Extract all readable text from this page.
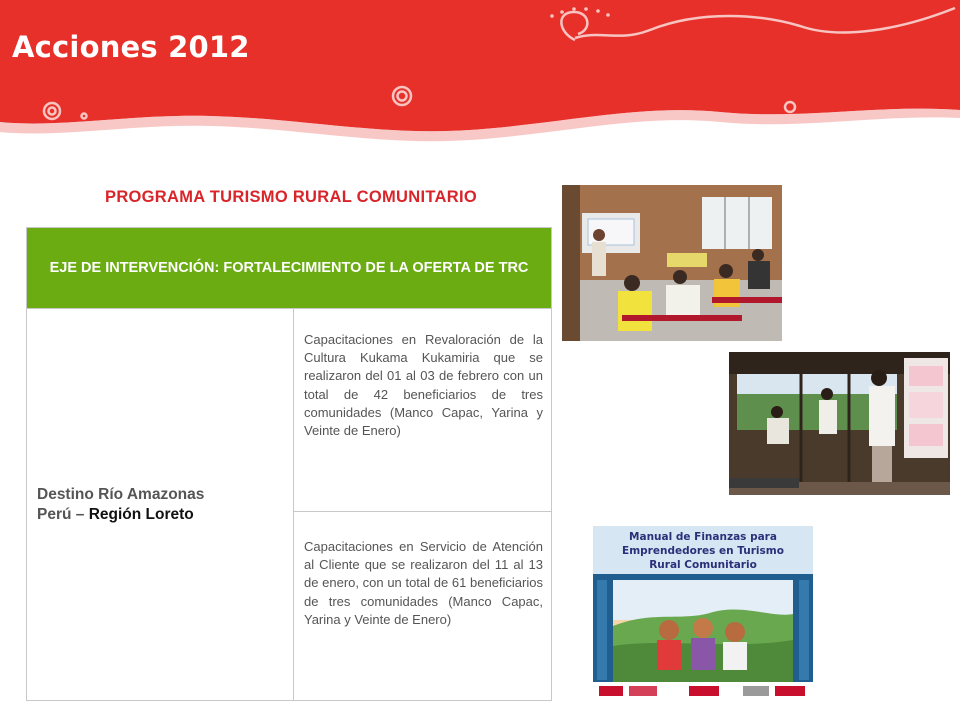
Acciones 2012
PROGRAMA TURISMO RURAL COMUNITARIO
EJE DE INTERVENCIÓN: FORTALECIMIENTO DE LA OFERTA DE TRC

Destino Río Amazonas
Perú – Región Loreto
	Capacitaciones en Revaloración de la Cultura Kukama Kukamiria que se realizaron del 01 al 03 de febrero con un total de 42 beneficiarios de tres comunidades (Manco Capac, Yarina y Veinte de Enero)
Capacitaciones en Servicio de Atención al Cliente que se realizaron del 11 al 13 de enero, con un total de 61 beneficiarios de tres comunidades (Manco Capac, Yarina y Veinte de Enero)
Manual de Finanzas para
Emprendedores en Turismo
Rural Comunitario
